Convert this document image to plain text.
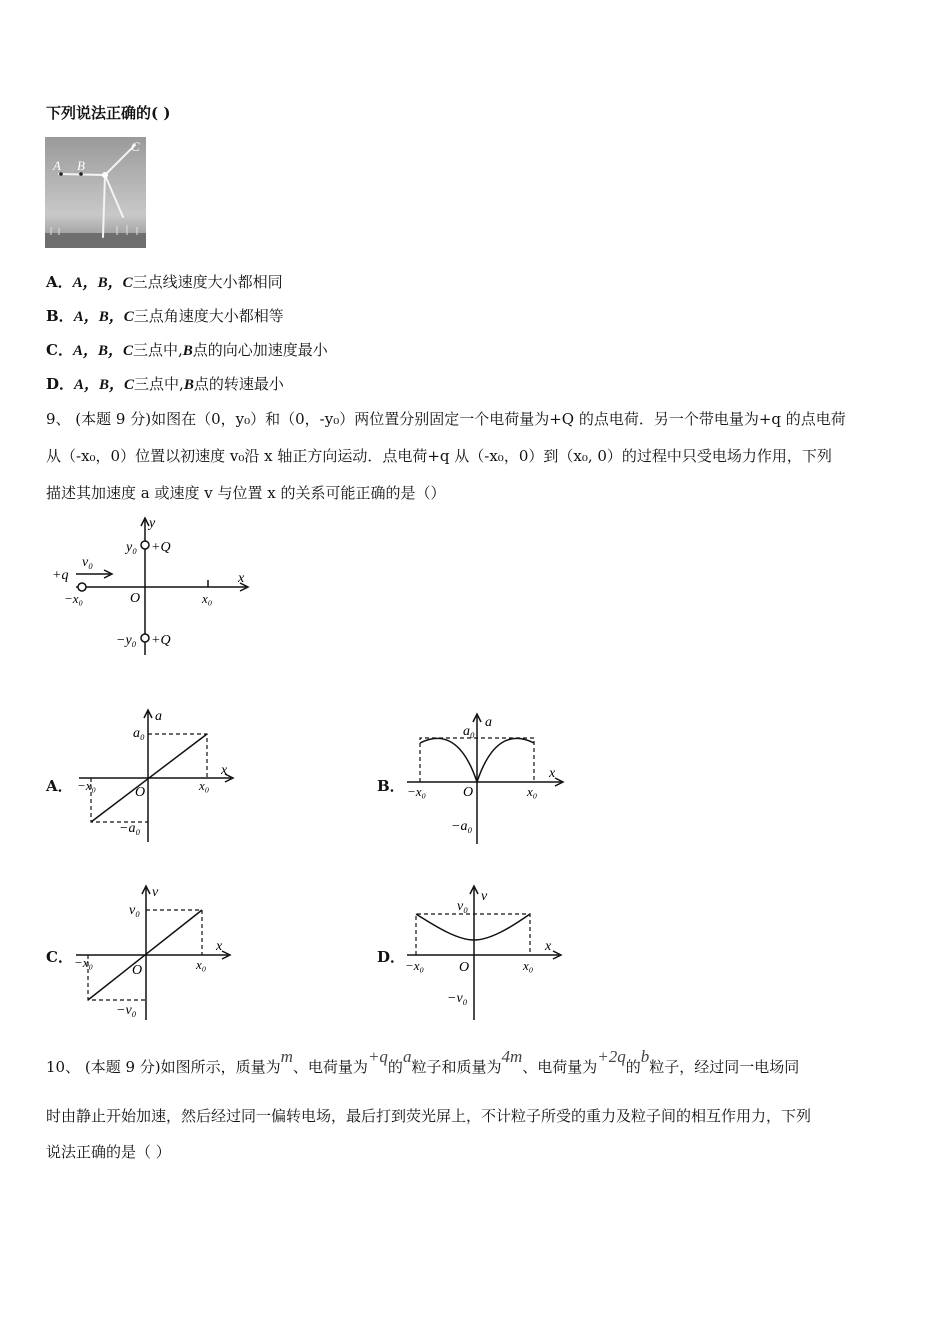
下列说法正确的( )
A B
C
A．A，B，C三点线速度大小都相同
B．A，B，C三点角速度大小都相等
C．A，B，C三点中,B点的向心加速度最小
D．A，B，C三点中,B点的转速最小
9、 (本题 9 分)如图在（0，y₀）和（0，-y₀）两位置分别固定一个电荷量为+Q 的点电荷．另一个带电量为+q 的点电荷
从（-x₀，0）位置以初速度 v₀沿 x 轴正方向运动．点电荷+q 从（-x₀，0）到（x₀, 0）的过程中只受电场力作用，下列
描述其加速度 a 或速度 v 与位置 x 的关系可能正确的是（）
y
x
O
y₀ +Q
−y₀ +Q
+q
v₀
−x₀	x₀
A．
a₀
−a₀
a
x
O
−x₀	x₀	B．
a₀
−a₀
a
x
O
−x₀	x₀
C．
v₀
−v₀
v
x
O
−x₀	x₀	D．
v₀
−v₀
v
x
O
−x₀	x₀
10、 (本题 9 分)如图所示，质量为m、电荷量为+q的a粒子和质量为4m、电荷量为+2q的b粒子，经过同一电场同
时由静止开始加速，然后经过同一偏转电场，最后打到荧光屏上，不计粒子所受的重力及粒子间的相互作用力，下列
说法正确的是（ ）
